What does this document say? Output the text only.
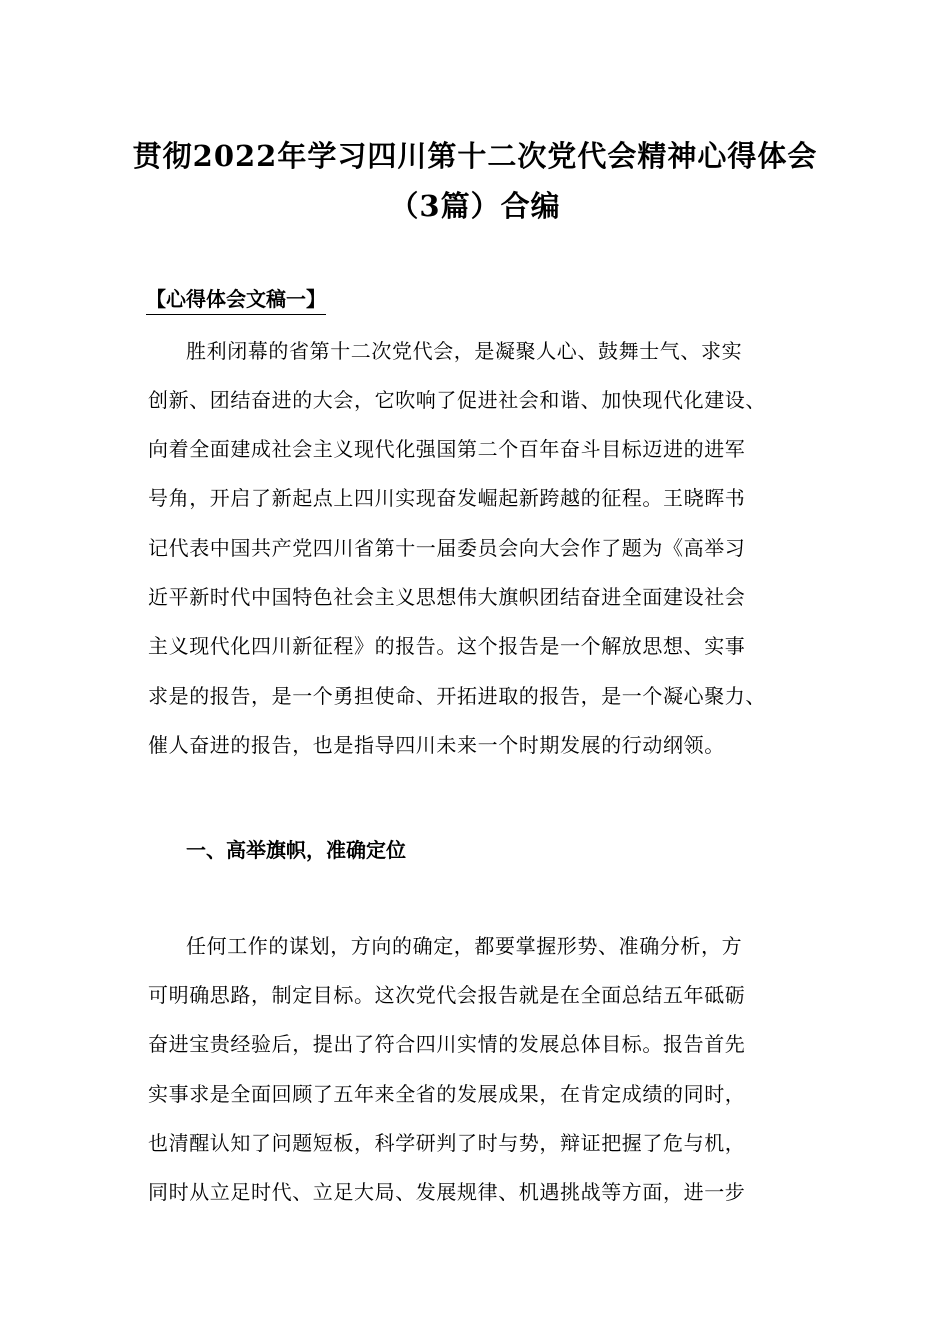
贯彻2022年学习四川第十二次党代会精神心得体会
（3篇）合编
【心得体会文稿一】
胜利闭幕的省第十二次党代会，是凝聚人心、鼓舞士气、求实
创新、团结奋进的大会，它吹响了促进社会和谐、加快现代化建设、
向着全面建成社会主义现代化强国第二个百年奋斗目标迈进的进军
号角，开启了新起点上四川实现奋发崛起新跨越的征程。王晓晖书
记代表中国共产党四川省第十一届委员会向大会作了题为《高举习
近平新时代中国特色社会主义思想伟大旗帜团结奋进全面建设社会
主义现代化四川新征程》的报告。这个报告是一个解放思想、实事
求是的报告，是一个勇担使命、开拓进取的报告，是一个凝心聚力、
催人奋进的报告，也是指导四川未来一个时期发展的行动纲领。
一、高举旗帜，准确定位
任何工作的谋划，方向的确定，都要掌握形势、准确分析，方
可明确思路，制定目标。这次党代会报告就是在全面总结五年砥砺
奋进宝贵经验后，提出了符合四川实情的发展总体目标。报告首先
实事求是全面回顾了五年来全省的发展成果，在肯定成绩的同时，
也清醒认知了问题短板，科学研判了时与势，辩证把握了危与机，
同时从立足时代、立足大局、发展规律、机遇挑战等方面，进一步
